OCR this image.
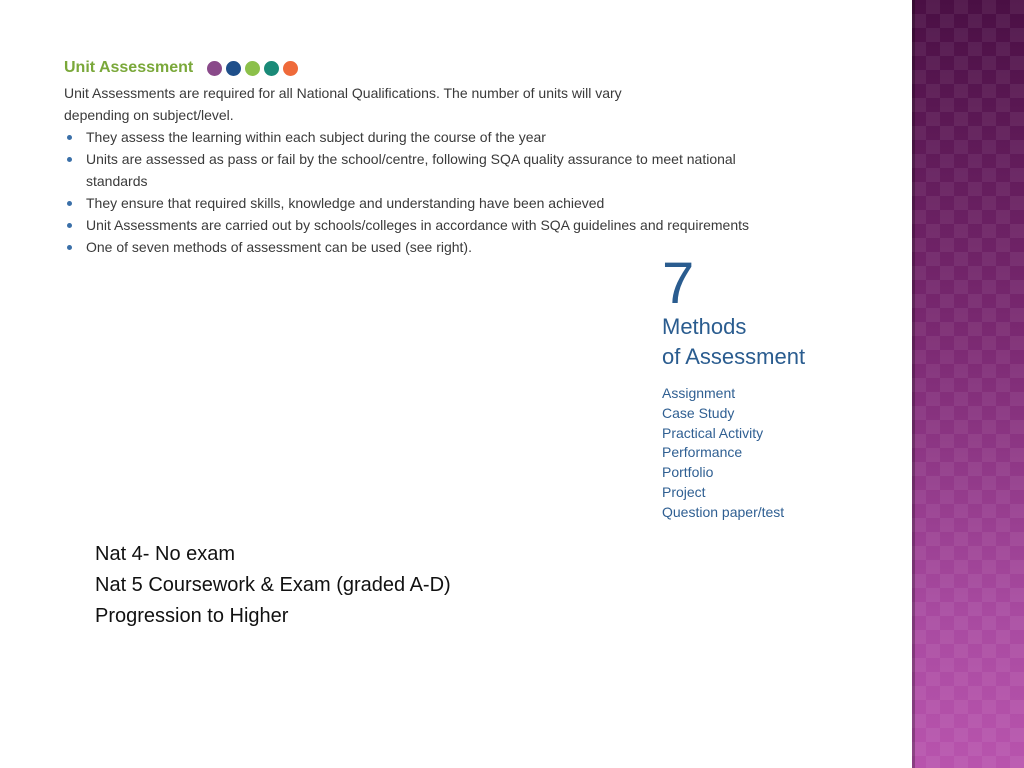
Unit Assessment
Unit Assessments are required for all National Qualifications. The number of units will vary depending on subject/level.
They assess the learning within each subject during the course of the year
Units are assessed as pass or fail by the school/centre, following SQA quality assurance to meet national standards
They ensure that required skills, knowledge and understanding have been achieved
Unit Assessments are carried out by schools/colleges in accordance with SQA guidelines and requirements
One of seven methods of assessment can be used (see right).
7
Methods
of Assessment
Assignment
Case Study
Practical Activity
Performance
Portfolio
Project
Question paper/test
Nat 4- No exam
Nat 5 Coursework & Exam (graded A-D)
Progression to Higher
